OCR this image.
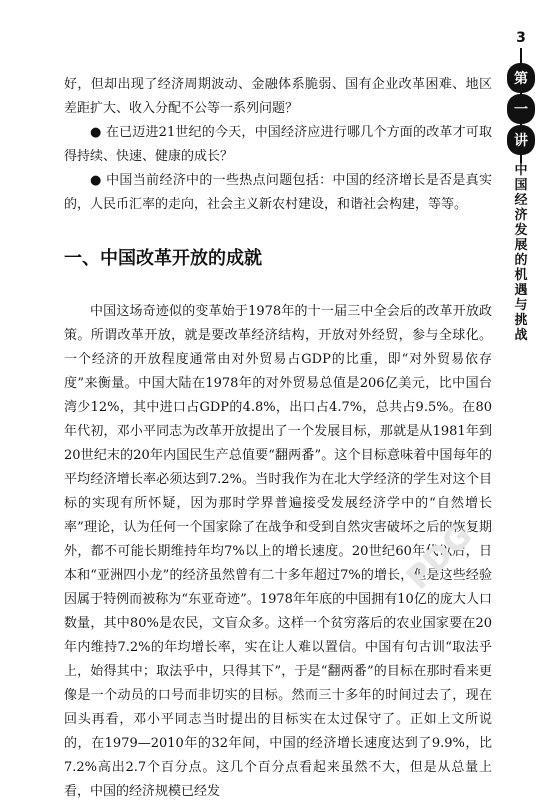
3
第
一
讲
中国经济发展的机遇与挑战

好，但却出现了经济周期波动、金融体系脆弱、国有企业改革困难、地区差距扩大、收入分配不公等一系列问题？

● 在已迈进21世纪的今天，中国经济应进行哪几个方面的改革才可取得持续、快速、健康的成长？

● 中国当前经济中的一些热点问题包括：中国的经济增长是否是真实的，人民币汇率的走向，社会主义新农村建设，和谐社会构建，等等。

一、中国改革开放的成就

中国这场奇迹似的变革始于1978年的十一届三中全会后的改革开放政策。所谓改革开放，就是要改革经济结构，开放对外经贸，参与全球化。一个经济的开放程度通常由对外贸易占GDP的比重，即“对外贸易依存度”来衡量。中国大陆在1978年的对外贸易总值是206亿美元，比中国台湾少12%，其中进口占GDP的4.8%，出口占4.7%，总共占9.5%。在80年代初，邓小平同志为改革开放提出了一个发展目标，那就是从1981年到20世纪末的20年内国民生产总值要“翻两番”。这个目标意味着中国每年的平均经济增长率必须达到7.2%。当时我作为在北大学经济的学生对这个目标的实现有所怀疑，因为那时学界普遍接受发展经济学中的“自然增长率”理论，认为任何一个国家除了在战争和受到自然灾害破坏之后的恢复期外，都不可能长期维持年均7%以上的增长速度。20世纪60年代以后，日本和“亚洲四小龙”的经济虽然曾有二十多年超过7%的增长，但是这些经验因属于特例而被称为“东亚奇迹”。1978年年底的中国拥有10亿的庞大人口数量，其中80%是农民，文盲众多。这样一个贫穷落后的农业国家要在20年内维持7.2%的年均增长率，实在让人难以置信。中国有句古训“取法乎上，始得其中；取法乎中，只得其下”，于是“翻两番”的目标在那时看来更像是一个动员的口号而非切实的目标。然而三十多年的时间过去了，现在回头再看，邓小平同志当时提出的目标实在太过保守了。正如上文所说的，在1979—2010年的32年间，中国的经济增长速度达到了9.9%，比7.2%高出2.7个百分点。这几个百分点看起来虽然不大，但是从总量上看，中国的经济规模已经发

PDG
